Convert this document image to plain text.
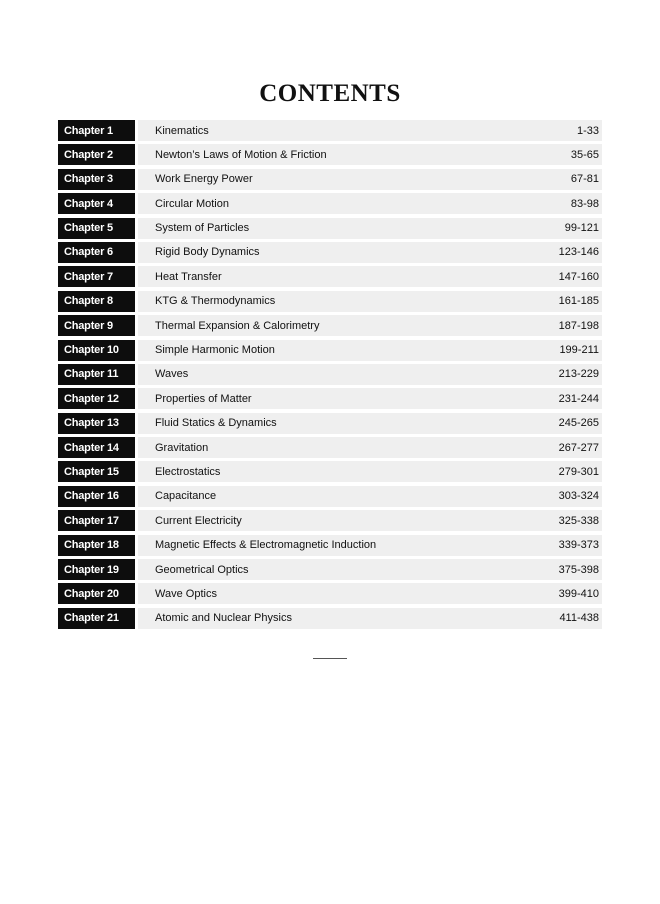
CONTENTS
Chapter 1	Kinematics	1-33
Chapter 2	Newton’s Laws of Motion & Friction	35-65
Chapter 3	Work Energy Power	67-81
Chapter 4	Circular Motion	83-98
Chapter 5	System of Particles	99-121
Chapter 6	Rigid Body Dynamics	123-146
Chapter 7	Heat Transfer	147-160
Chapter 8	KTG & Thermodynamics	161-185
Chapter 9	Thermal Expansion & Calorimetry	187-198
Chapter 10	Simple Harmonic Motion	199-211
Chapter 11	Waves	213-229
Chapter 12	Properties of Matter	231-244
Chapter 13	Fluid Statics & Dynamics	245-265
Chapter 14	Gravitation	267-277
Chapter 15	Electrostatics	279-301
Chapter 16	Capacitance	303-324
Chapter 17	Current Electricity	325-338
Chapter 18	Magnetic Effects & Electromagnetic Induction	339-373
Chapter 19	Geometrical Optics	375-398
Chapter 20	Wave Optics	399-410
Chapter 21	Atomic and Nuclear Physics	411-438
